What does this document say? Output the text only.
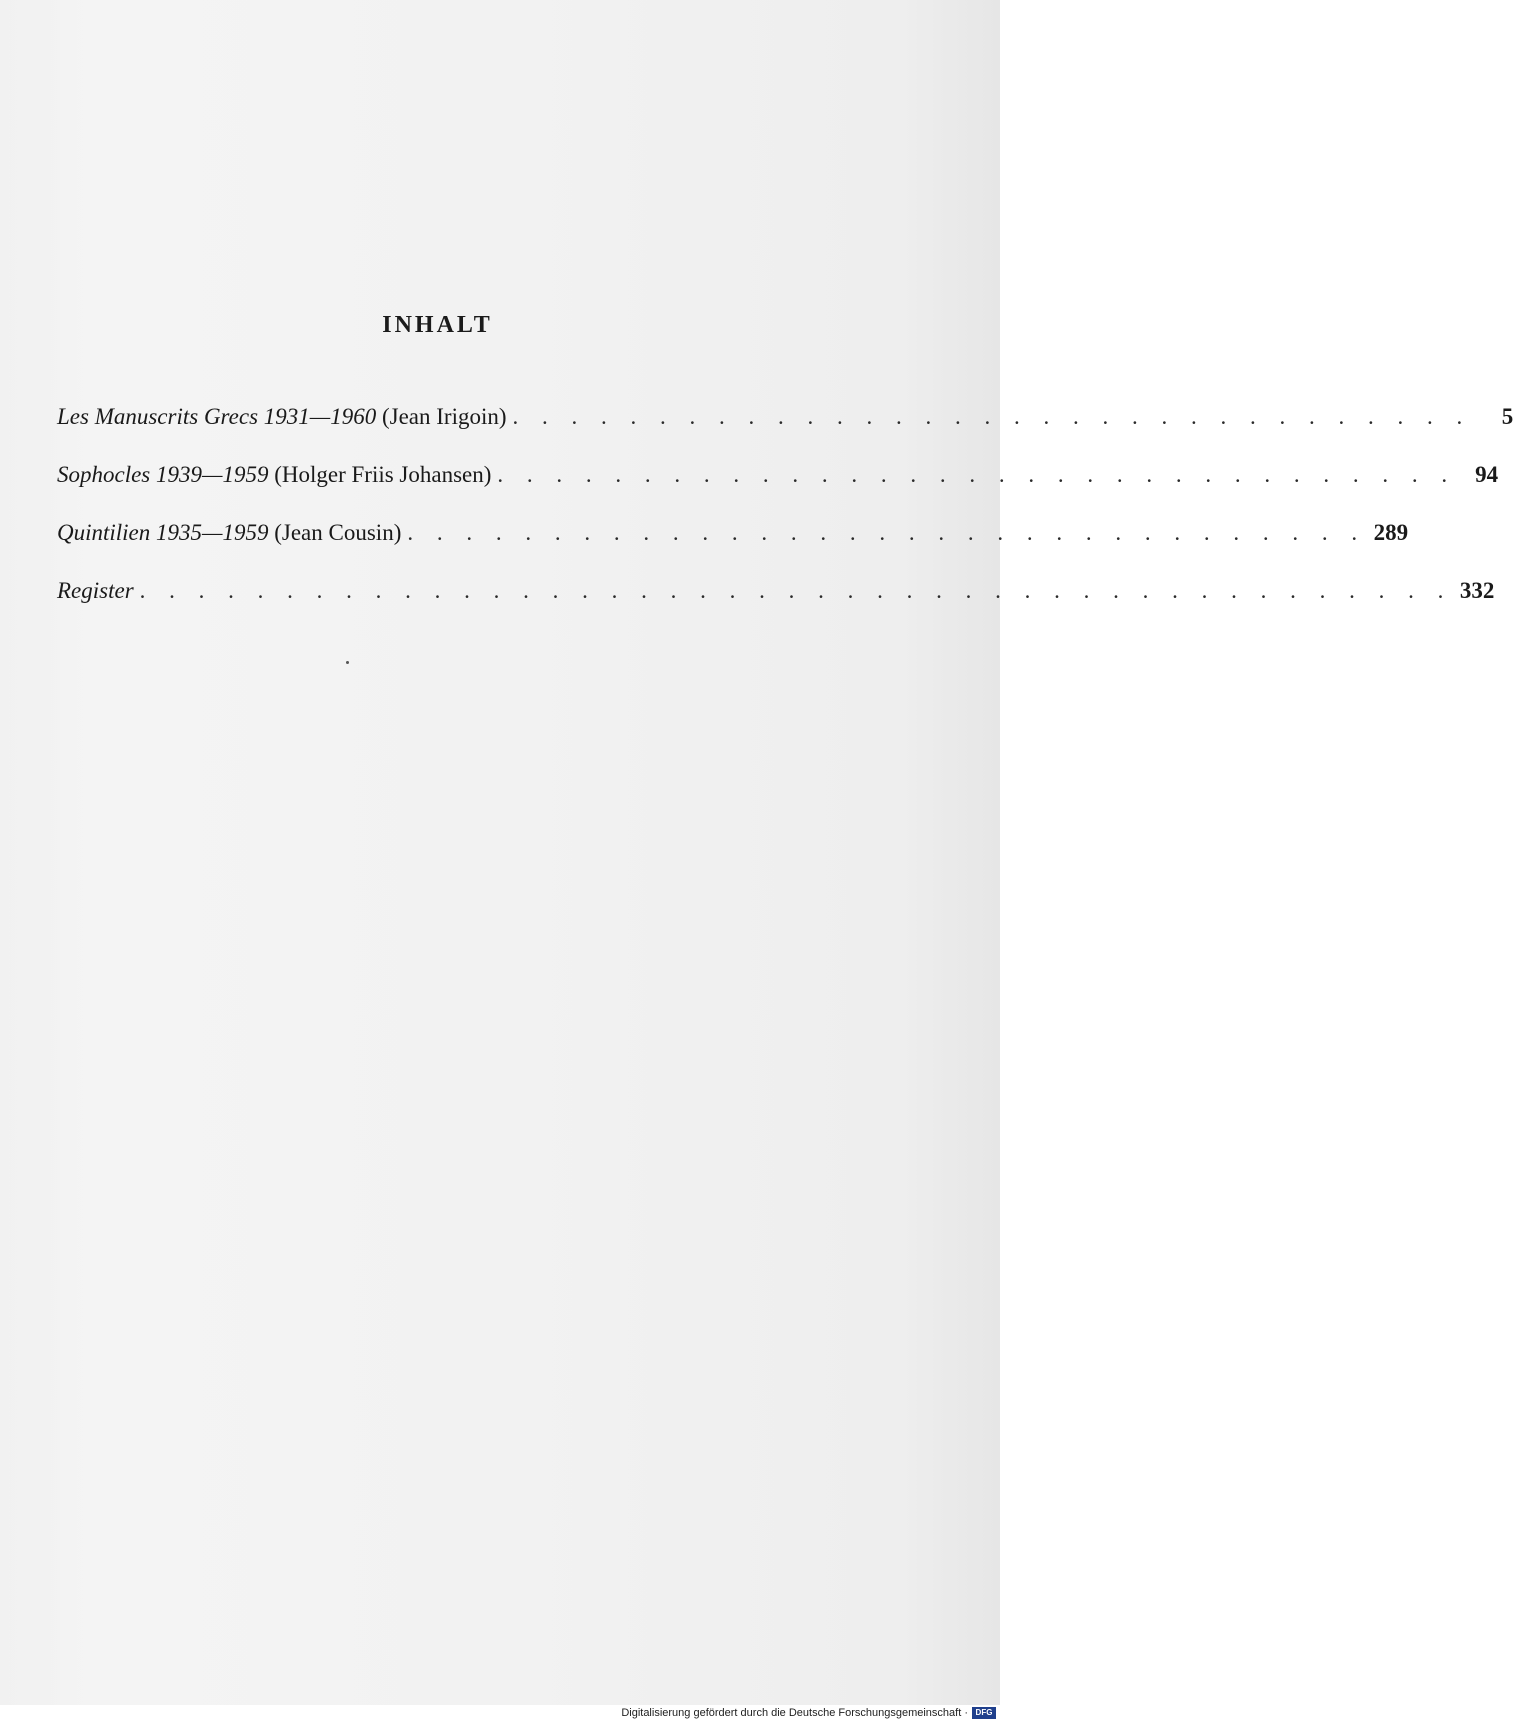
INHALT
Les Manuscrits Grecs 1931—1960 (Jean Irigoin) . . . . . . . . . . . . . . . . . . . . . . . . . . . . . . . . .	5
Sophocles 1939—1959 (Holger Friis Johansen) . . . . . . . . . . . . . . . . . . . . . . . . . . . . . . . . . 94
Quintilien 1935—1959 (Jean Cousin) . . . . . . . . . . . . . . . . . . . . . . . . . . . . . . . . . 289
Register . . . . . . . . . . . . . . . . . . . . . . . . . . . . . . . . . . . . . . . . . . . . . 332
Digitalisierung gefördert durch die Deutsche Forschungsgemeinschaft · DFG
